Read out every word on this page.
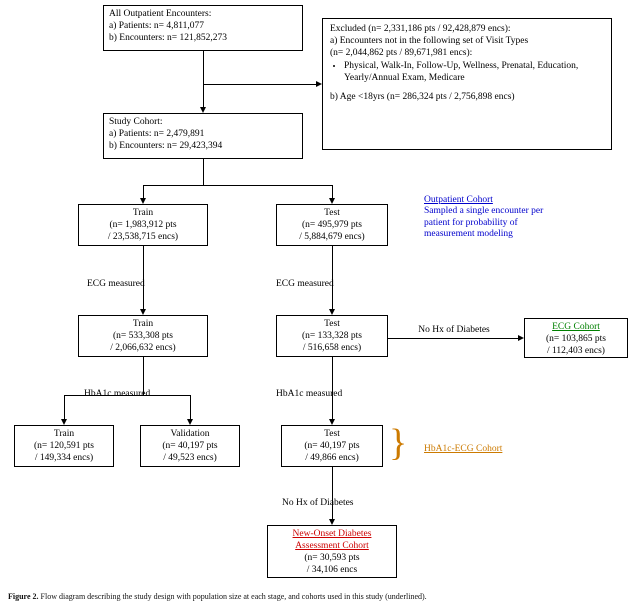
All Outpatient Encounters:
a) Patients: n= 4,811,077
b) Encounters: n= 121,852,273
Excluded (n= 2,331,186 pts / 92,428,879 encs):
a) Encounters not in the following set of Visit Types
(n= 2,044,862 pts / 89,671,981 encs):
• Physical, Walk-In, Follow-Up, Wellness, Prenatal, Education, Yearly/Annual Exam, Medicare
b) Age <18yrs (n= 286,324 pts / 2,756,898 encs)
Study Cohort:
a) Patients: n= 2,479,891
b) Encounters: n= 29,423,394
Train
(n= 1,983,912 pts
/ 23,538,715 encs)
Test
(n= 495,979 pts
/ 5,884,679 encs)
Outpatient Cohort
Sampled a single encounter per patient for probability of measurement modeling
Train
(n= 533,308 pts
/ 2,066,632 encs)
Test
(n= 133,328 pts
/ 516,658 encs)
ECG Cohort
(n= 103,865 pts
/ 112,403 encs)
Train
(n= 120,591 pts
/ 149,334 encs)
Validation
(n= 40,197 pts
/ 49,523 encs)
Test
(n= 40,197 pts
/ 49,866 encs) } HbA1c-ECG Cohort
New-Onset Diabetes
Assessment Cohort
(n= 30,593 pts
/ 34,106 encs
ECG measured	ECG measured
No Hx of Diabetes
HbA1c measured	HbA1c measured
No Hx of Diabetes
Figure 2. Flow diagram describing the study design with population size at each stage, and cohorts used in this study (underlined).
